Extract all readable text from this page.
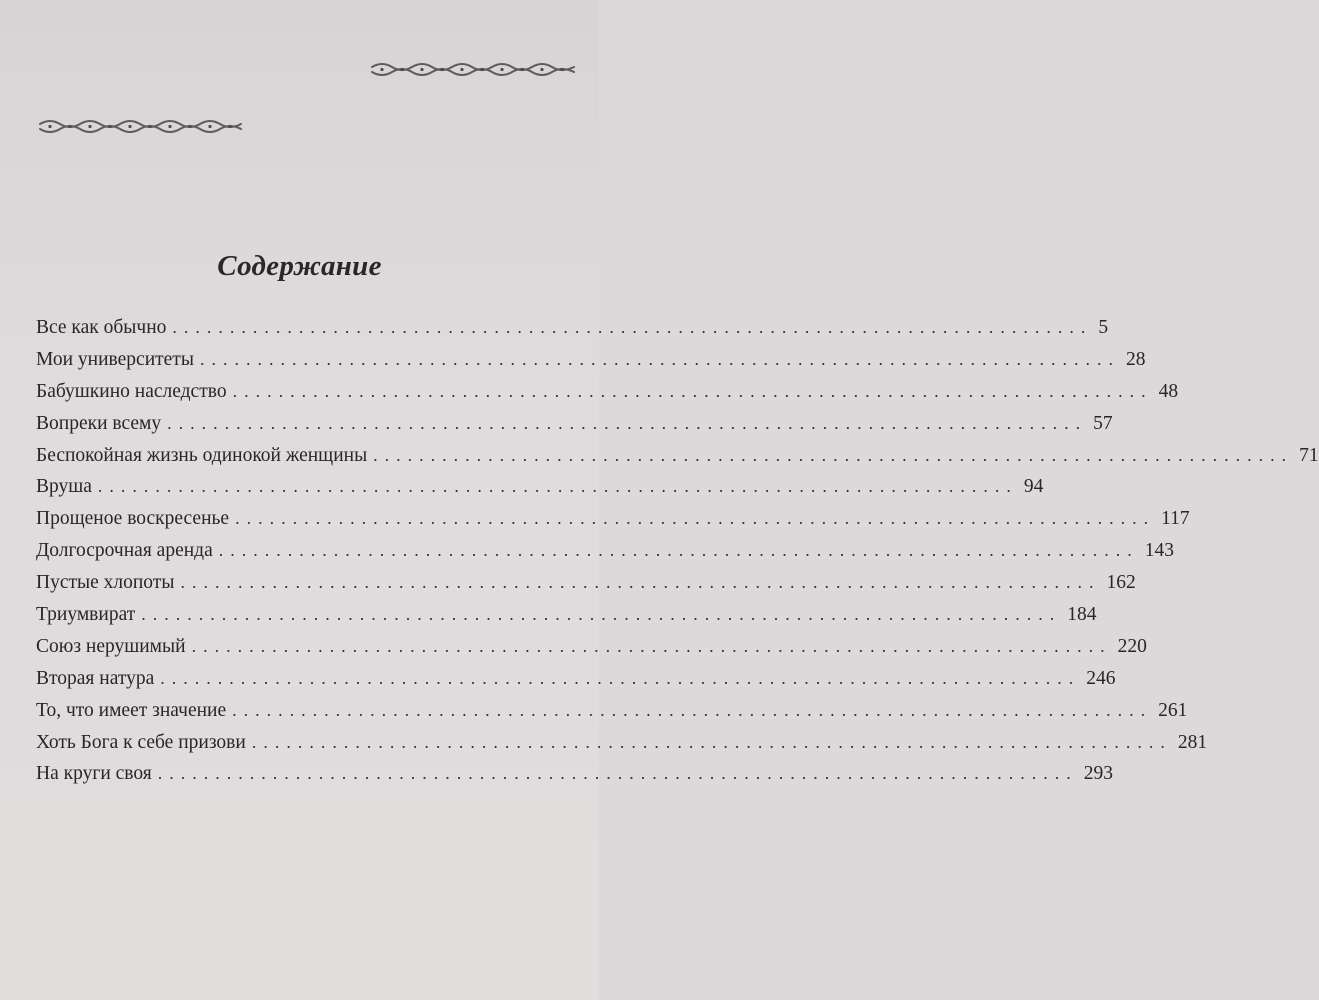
Содержание
Все как обычно ................................................................................ 5
Мои университеты ................................................................................ 28
Бабушкино наследство ................................................................................ 48
Вопреки всему ................................................................................ 57
Беспокойная жизнь одинокой женщины ................................................................................ 71
Вруша ................................................................................ 94
Прощеное воскресенье ................................................................................ 117
Долгосрочная аренда ................................................................................ 143
Пустые хлопоты ................................................................................ 162
Триумвират ................................................................................ 184
Союз нерушимый ................................................................................ 220
Вторая натура ................................................................................ 246
То, что имеет значение ................................................................................ 261
Хоть Бога к себе призови ................................................................................ 281
На круги своя ................................................................................ 293
